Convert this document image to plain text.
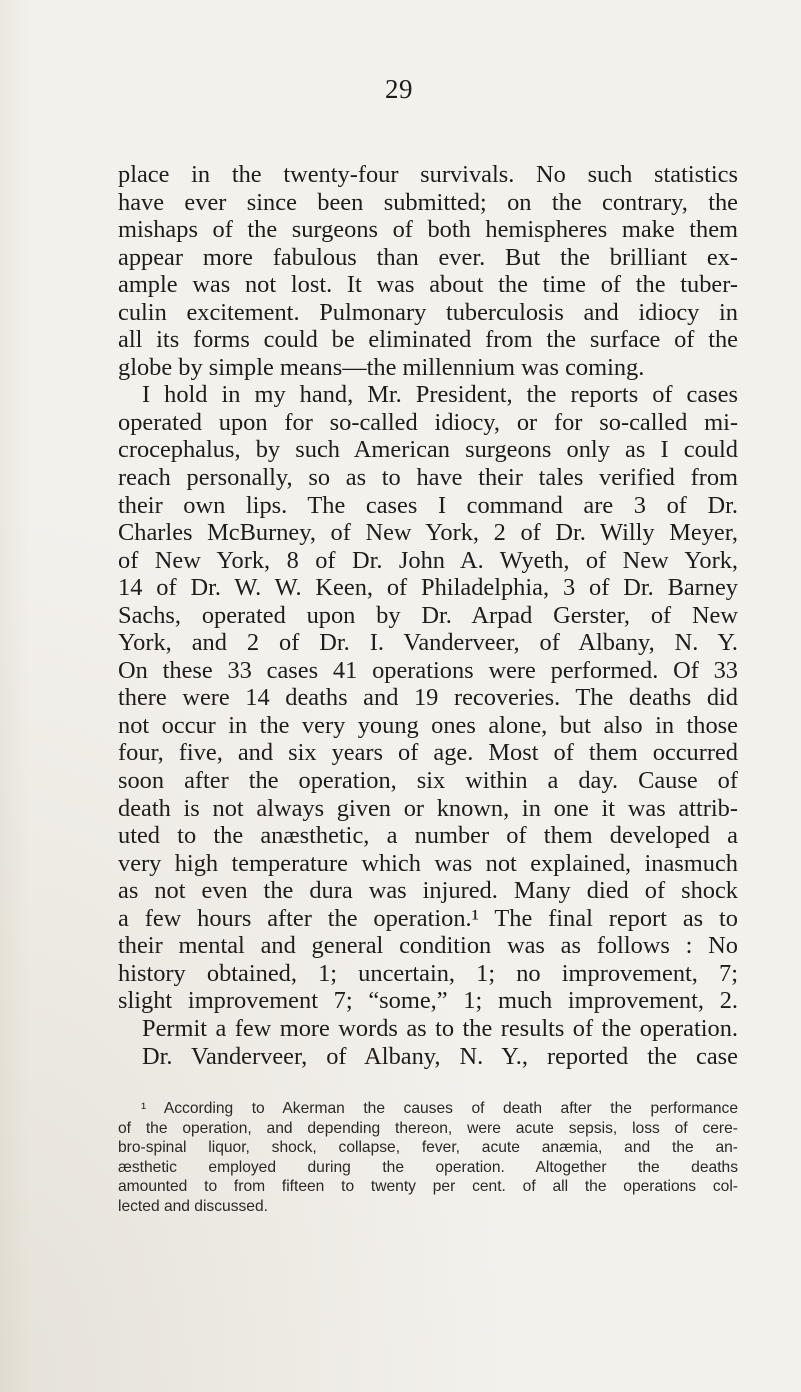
29
place in the twenty-four survivals. No such statistics
have ever since been submitted; on the contrary, the
mishaps of the surgeons of both hemispheres make them
appear more fabulous than ever. But the brilliant ex-
ample was not lost. It was about the time of the tuber-
culin excitement. Pulmonary tuberculosis and idiocy in
all its forms could be eliminated from the surface of the
globe by simple means—the millennium was coming.
I hold in my hand, Mr. President, the reports of cases
operated upon for so-called idiocy, or for so-called mi-
crocephalus, by such American surgeons only as I could
reach personally, so as to have their tales verified from
their own lips. The cases I command are 3 of Dr.
Charles McBurney, of New York, 2 of Dr. Willy Meyer,
of New York, 8 of Dr. John A. Wyeth, of New York,
14 of Dr. W. W. Keen, of Philadelphia, 3 of Dr. Barney
Sachs, operated upon by Dr. Arpad Gerster, of New
York, and 2 of Dr. I. Vanderveer, of Albany, N. Y.
On these 33 cases 41 operations were performed. Of 33
there were 14 deaths and 19 recoveries. The deaths did
not occur in the very young ones alone, but also in those
four, five, and six years of age. Most of them occurred
soon after the operation, six within a day. Cause of
death is not always given or known, in one it was attrib-
uted to the anæsthetic, a number of them developed a
very high temperature which was not explained, inasmuch
as not even the dura was injured. Many died of shock
a few hours after the operation.¹ The final report as to
their mental and general condition was as follows : No
history obtained, 1; uncertain, 1; no improvement, 7;
slight improvement 7; “some,” 1; much improvement, 2.
Permit a few more words as to the results of the operation.
Dr. Vanderveer, of Albany, N. Y., reported the case
¹ According to Akerman the causes of death after the performance
of the operation, and depending thereon, were acute sepsis, loss of cere-
bro-spinal liquor, shock, collapse, fever, acute anæmia, and the an-
æsthetic employed during the operation. Altogether the deaths
amounted to from fifteen to twenty per cent. of all the operations col-
lected and discussed.
